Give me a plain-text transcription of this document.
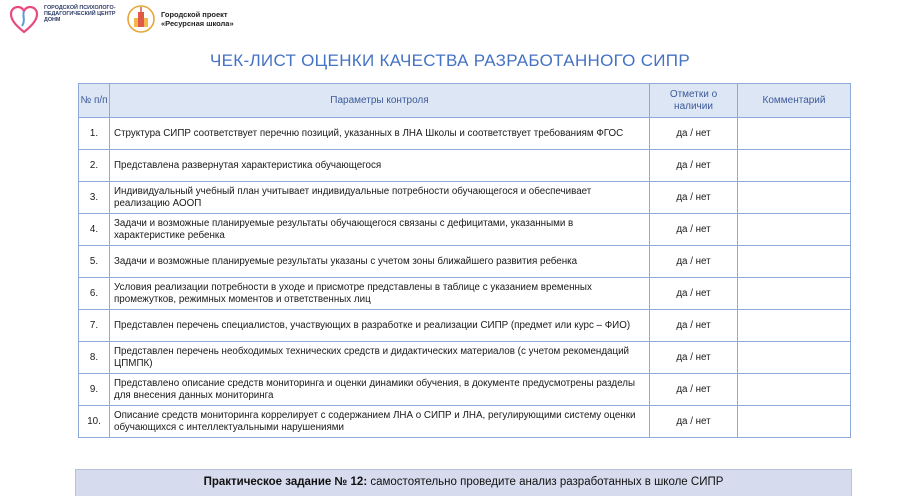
ГОРОДСКОЙ ПСИХОЛОГО-ПЕДАГОГИЧЕСКИЙ ЦЕНТР ДОНМ
Городской проект
«Ресурсная школа»
ЧЕК-ЛИСТ ОЦЕНКИ КАЧЕСТВА РАЗРАБОТАННОГО СИПР
№ п/п	Параметры контроля	Отметки о наличии	Комментарий
1.	Структура СИПР соответствует перечню позиций, указанных в ЛНА Школы и соответствует требованиям ФГОС	да / нет	
2.	Представлена развернутая характеристика обучающегося	да / нет	
3.	Индивидуальный учебный план учитывает индивидуальные потребности обучающегося и обеспечивает реализацию АООП	да / нет	
4.	Задачи и возможные планируемые результаты обучающегося связаны с дефицитами, указанными в характеристике ребенка	да / нет	
5.	Задачи и возможные планируемые результаты указаны с учетом зоны ближайшего развития ребенка	да / нет	
6.	Условия реализации потребности в уходе и присмотре представлены в таблице с указанием временных промежутков, режимных моментов и ответственных лиц	да / нет	
7.	Представлен перечень специалистов, участвующих в разработке и реализации СИПР (предмет или курс – ФИО)	да / нет	
8.	Представлен перечень необходимых технических средств и дидактических материалов (с учетом рекомендаций ЦПМПК)	да / нет	
9.	Представлено описание средств мониторинга и оценки динамики обучения, в документе предусмотрены разделы для внесения данных мониторинга	да / нет	
10.	Описание средств мониторинга коррелирует с содержанием ЛНА о СИПР и ЛНА, регулирующими систему оценки обучающихся с интеллектуальными нарушениями	да / нет	
Практическое задание № 12: самостоятельно проведите анализ разработанных в школе СИПР
